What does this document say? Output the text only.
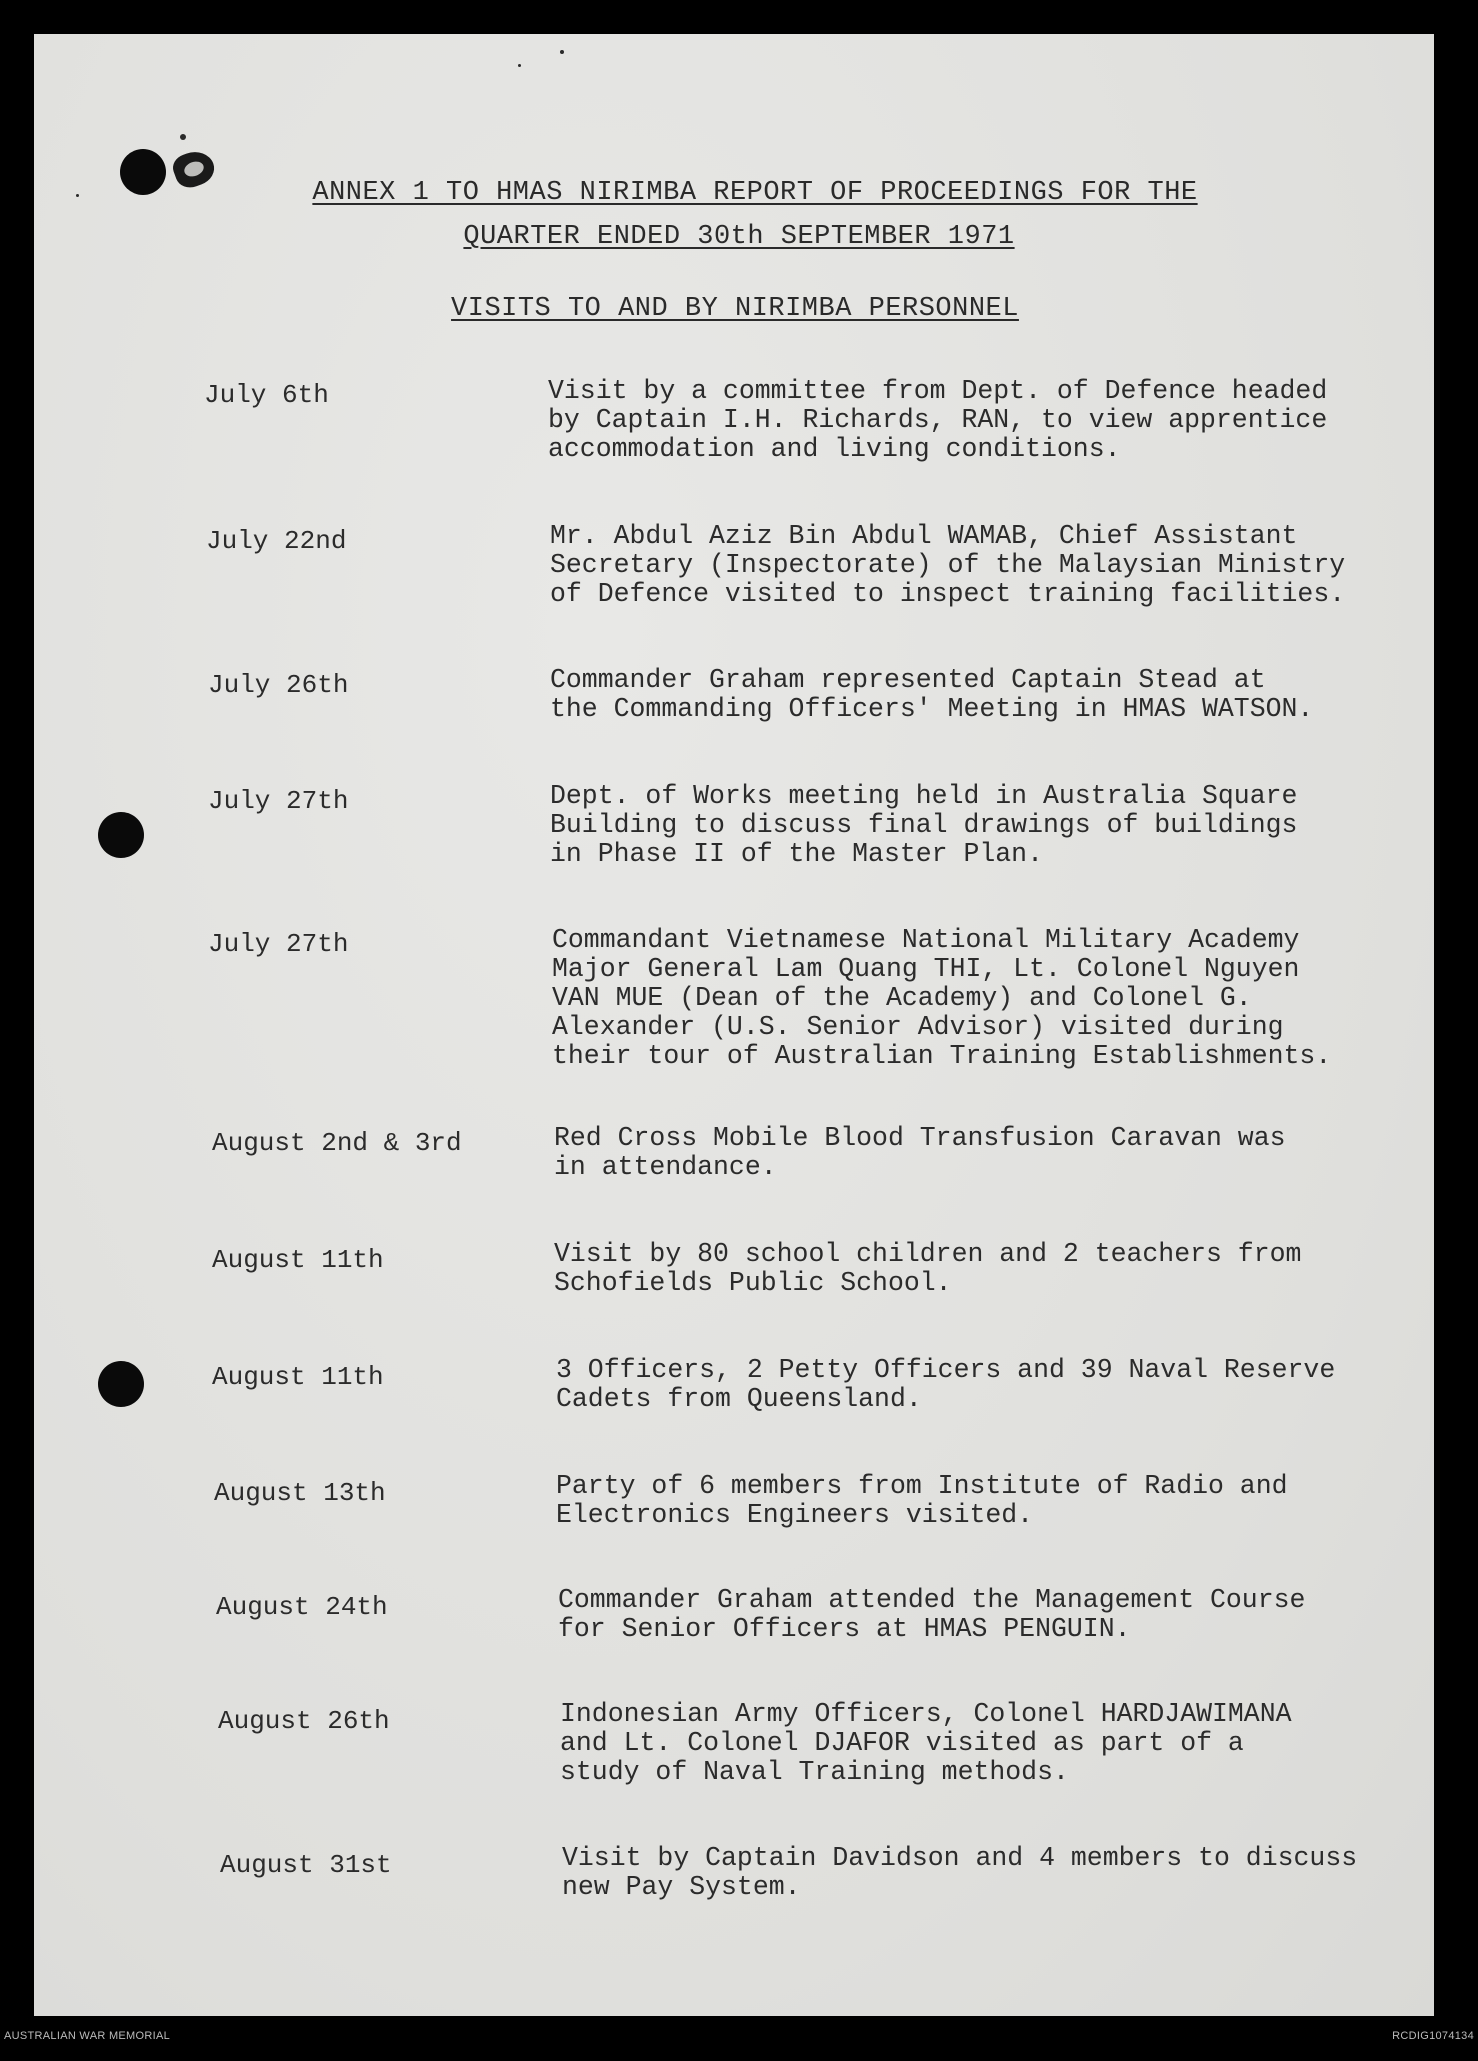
ANNEX 1 TO HMAS NIRIMBA REPORT OF PROCEEDINGS FOR THE
QUARTER ENDED 30th SEPTEMBER 1971
VISITS TO AND BY NIRIMBA PERSONNEL
July 6th	Visit by a committee from Dept. of Defence headed
by Captain I.H. Richards, RAN, to view apprentice
accommodation and living conditions.
July 22nd	Mr. Abdul Aziz Bin Abdul WAMAB, Chief Assistant
Secretary (Inspectorate) of the Malaysian Ministry
of Defence visited to inspect training facilities.
July 26th	Commander Graham represented Captain Stead at
the Commanding Officers' Meeting in HMAS WATSON.
July 27th	Dept. of Works meeting held in Australia Square
Building to discuss final drawings of buildings
in Phase II of the Master Plan.
July 27th	Commandant Vietnamese National Military Academy
Major General Lam Quang THI, Lt. Colonel Nguyen
VAN MUE (Dean of the Academy) and Colonel G.
Alexander (U.S. Senior Advisor) visited during
their tour of Australian Training Establishments.
August 2nd & 3rd	Red Cross Mobile Blood Transfusion Caravan was
in attendance.
August 11th	Visit by 80 school children and 2 teachers from
Schofields Public School.
August 11th	3 Officers, 2 Petty Officers and 39 Naval Reserve
Cadets from Queensland.
August 13th	Party of 6 members from Institute of Radio and
Electronics Engineers visited.
August 24th	Commander Graham attended the Management Course
for Senior Officers at HMAS PENGUIN.
August 26th	Indonesian Army Officers, Colonel HARDJAWIMANA
and Lt. Colonel DJAFOR visited as part of a
study of Naval Training methods.
August 31st	Visit by Captain Davidson and 4 members to discuss
new Pay System.
AUSTRALIAN WAR MEMORIAL	RCDIG1074134
